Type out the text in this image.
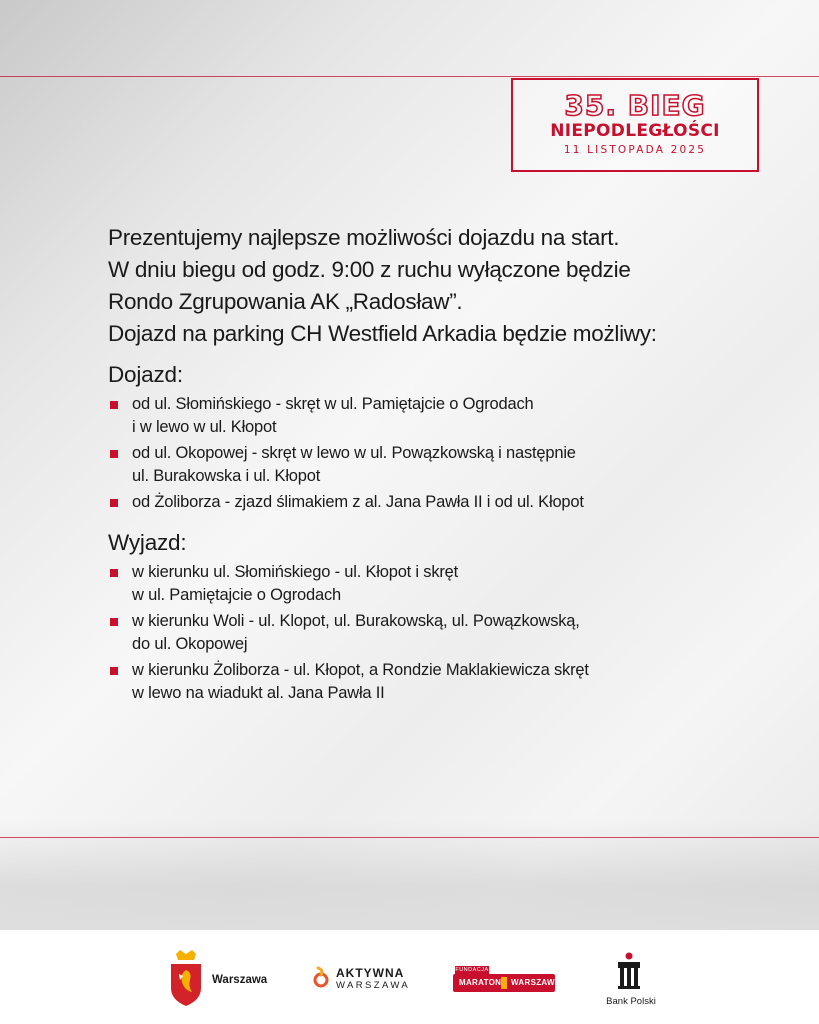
35. BIEG
NIEPODLEGŁOŚCI
11 LISTOPADA 2025

Prezentujemy najlepsze możliwości dojazdu na start.

W dniu biegu od godz. 9:00 z ruchu wyłączone będzie

Rondo Zgrupowania AK „Radosław”.

Dojazd na parking CH Westfield Arkadia będzie możliwy:

Dojazd:
od ul. Słomińskiego - skręt w ul. Pamiętajcie o Ogrodach
i w lewo w ul. Kłopot
od ul. Okopowej - skręt w lewo w ul. Powązkowską i następnie
ul. Burakowska i ul. Kłopot
od Żoliborza - zjazd ślimakiem z al. Jana Pawła II i od ul. Kłopot
Wyjazd:
w kierunku ul. Słomińskiego - ul. Kłopot i skręt
w ul. Pamiętajcie o Ogrodach
w kierunku Woli - ul. Klopot, ul. Burakowską, ul. Powązkowską,
do ul. Okopowej
w kierunku Żoliborza - ul. Kłopot, a Rondzie Maklakiewicza skręt
w lewo na wiadukt al. Jana Pawła II
Warszawa	AKTYWNA
WARSZAWA
FUNDACJA
MARATON WARSZAWSKI
Bank Polski
